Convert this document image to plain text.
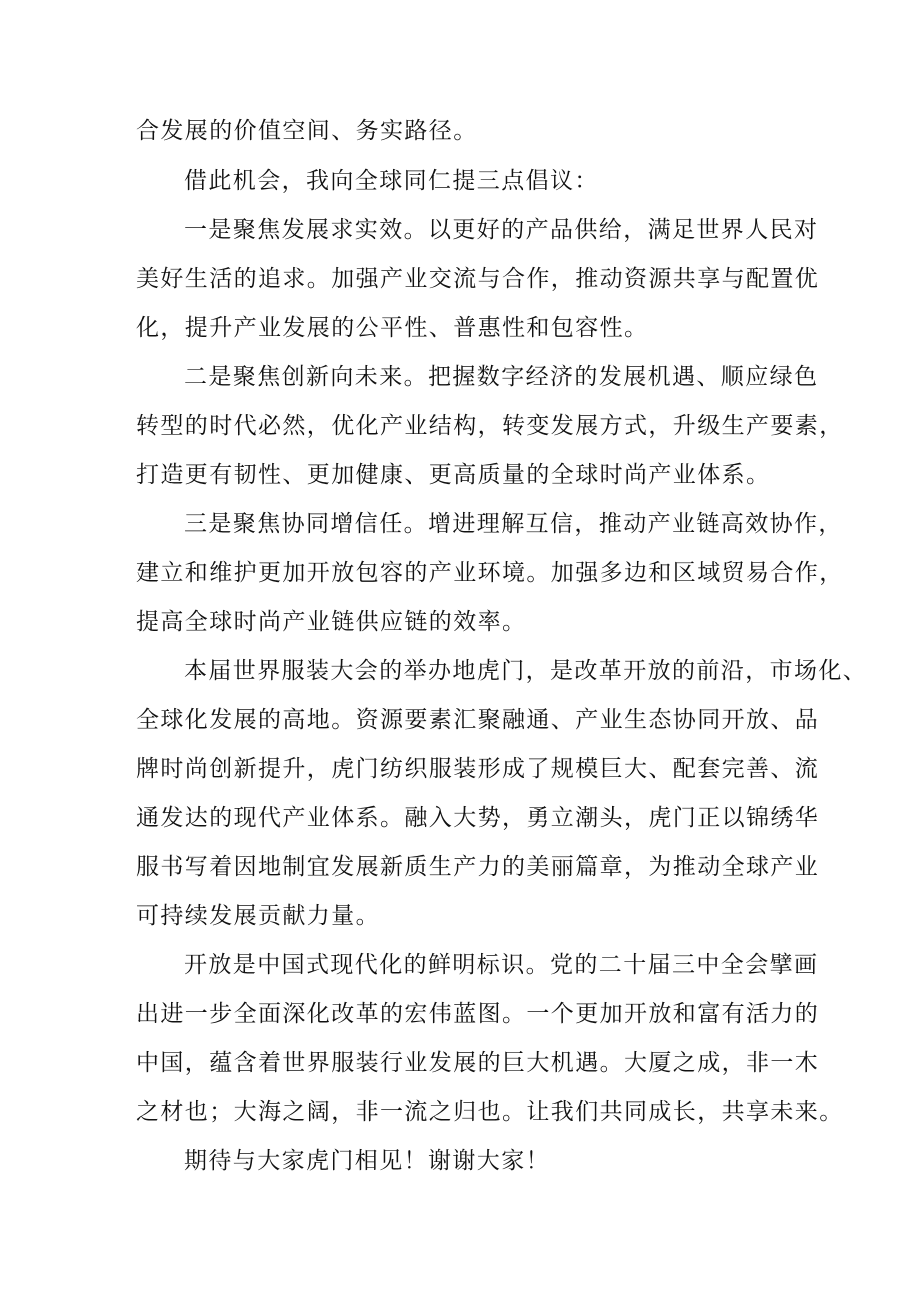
合发展的价值空间、务实路径。
借此机会，我向全球同仁提三点倡议：
一是聚焦发展求实效。以更好的产品供给，满足世界人民对
美好生活的追求。加强产业交流与合作，推动资源共享与配置优
化，提升产业发展的公平性、普惠性和包容性。
二是聚焦创新向未来。把握数字经济的发展机遇、顺应绿色
转型的时代必然，优化产业结构，转变发展方式，升级生产要素，
打造更有韧性、更加健康、更高质量的全球时尚产业体系。
三是聚焦协同增信任。增进理解互信，推动产业链高效协作，
建立和维护更加开放包容的产业环境。加强多边和区域贸易合作，
提高全球时尚产业链供应链的效率。
本届世界服装大会的举办地虎门，是改革开放的前沿，市场化、
全球化发展的高地。资源要素汇聚融通、产业生态协同开放、品
牌时尚创新提升，虎门纺织服装形成了规模巨大、配套完善、流
通发达的现代产业体系。融入大势，勇立潮头，虎门正以锦绣华
服书写着因地制宜发展新质生产力的美丽篇章，为推动全球产业
可持续发展贡献力量。
开放是中国式现代化的鲜明标识。党的二十届三中全会擘画
出进一步全面深化改革的宏伟蓝图。一个更加开放和富有活力的
中国，蕴含着世界服装行业发展的巨大机遇。大厦之成，非一木
之材也；大海之阔，非一流之归也。让我们共同成长，共享未来。
期待与大家虎门相见！谢谢大家！
